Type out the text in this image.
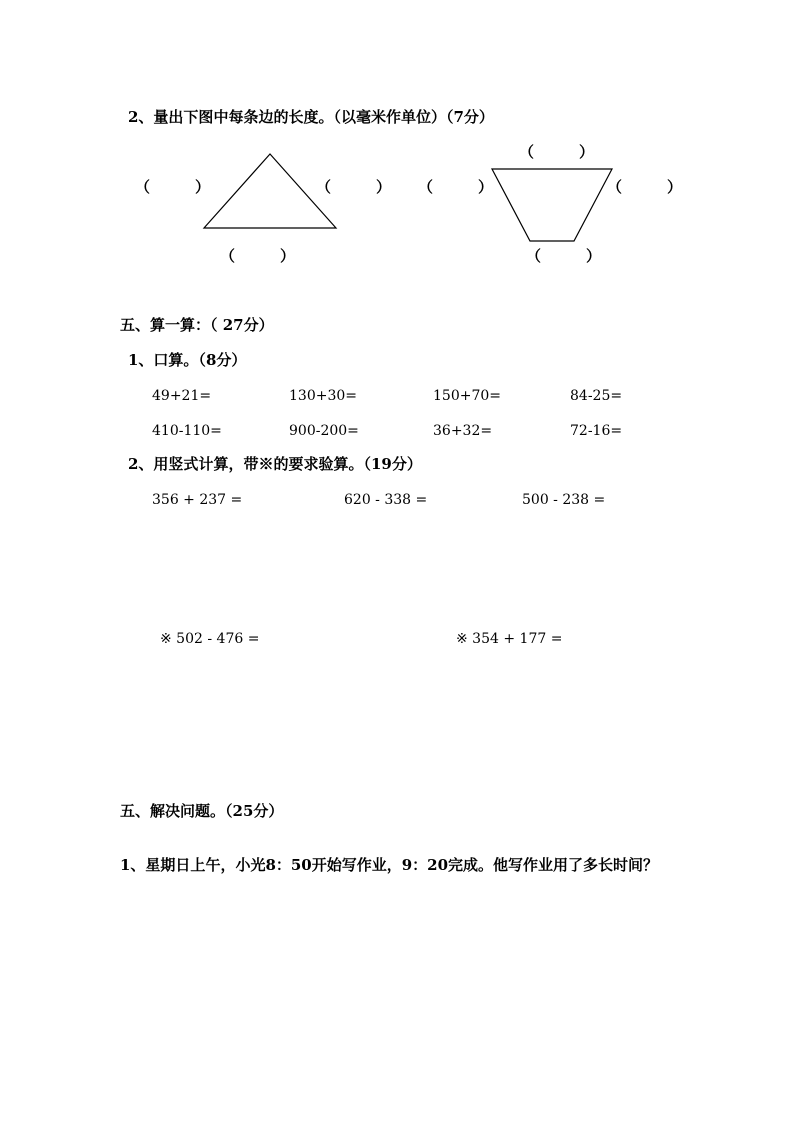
2、量出下图中每条边的长度。（以毫米作单位）（7分）
（　　　）	（　　　）
（　　　）
（　　　）
（　　　）	（　　　）
（　　　）
五、算一算：（ 27分）
1、口算。（8分）
49+21=	130+30=	150+70=	84-25=
410-110=	900-200=	36+32=	72-16=
2、用竖式计算，带※的要求验算。（19分）
356 + 237 =	620 - 338 =	500 - 238 =
※ 502 - 476 =	※ 354 + 177 =
五、解决问题。（25分）
1、星期日上午，小光8：50开始写作业，9：20完成。他写作业用了多长时间？
